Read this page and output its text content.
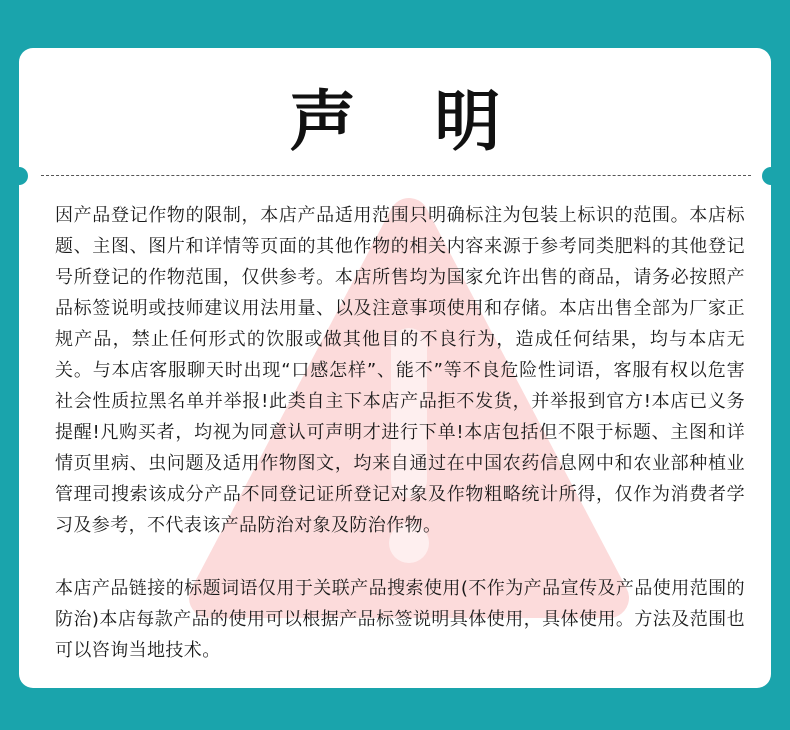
声 明
因产品登记作物的限制，本店产品适用范围只明确标注为包装上标识的范围。本店标题、主图、图片和详情等页面的其他作物的相关内容来源于参考同类肥料的其他登记号所登记的作物范围，仅供参考。本店所售均为国家允许出售的商品，请务必按照产品标签说明或技师建议用法用量、以及注意事项使用和存储。本店出售全部为厂家正规产品，禁止任何形式的饮服或做其他目的不良行为，造成任何结果，均与本店无关。与本店客服聊天时出现“口感怎样”、能不”等不良危险性词语，客服有权以危害社会性质拉黑名单并举报!此类自主下本店产品拒不发货，并举报到官方!本店已义务提醒!凡购买者，均视为同意认可声明才进行下单!本店包括但不限于标题、主图和详情页里病、虫问题及适用作物图文，均来自通过在中国农药信息网中和农业部种植业管理司搜索该成分产品不同登记证所登记对象及作物粗略统计所得，仅作为消费者学习及参考，不代表该产品防治对象及防治作物。
本店产品链接的标题词语仅用于关联产品搜索使用(不作为产品宣传及产品使用范围的防治)本店每款产品的使用可以根据产品标签说明具体使用，具体使用。方法及范围也可以咨询当地技术。
